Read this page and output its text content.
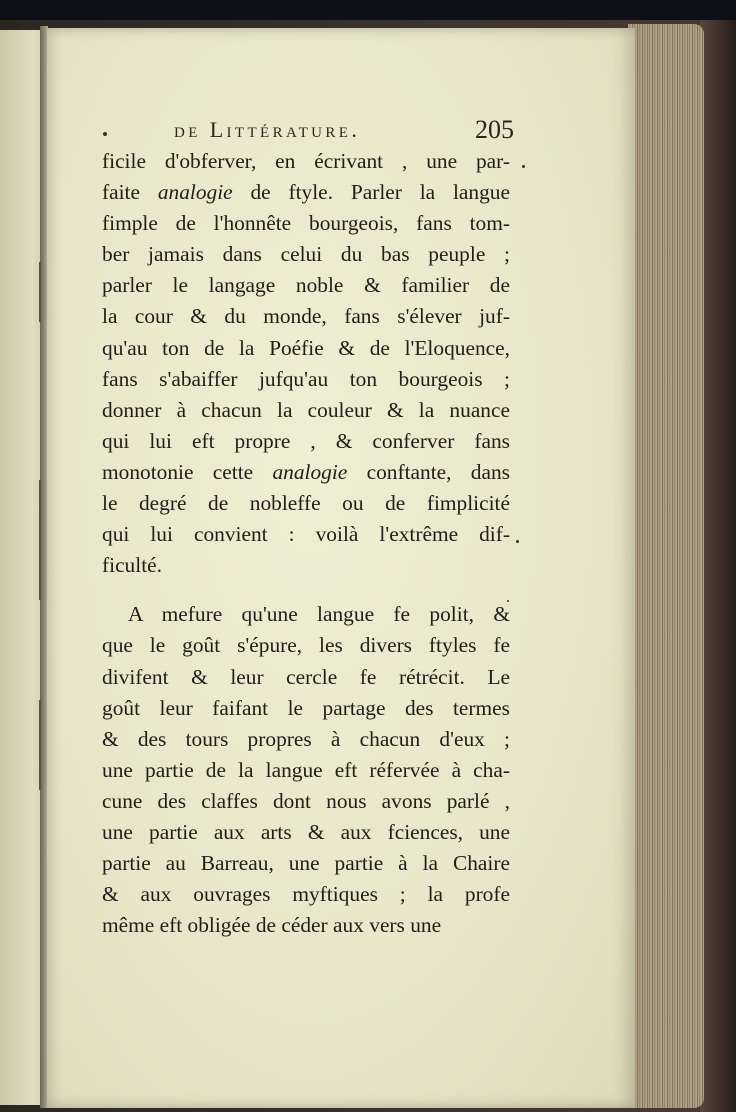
de Littérature.	205
ficile d'obferver, en écrivant , une par-
faite analogie de ftyle. Parler la langue
fimple de l'honnête bourgeois, fans tom-
ber jamais dans celui du bas peuple ;
parler le langage noble & familier de
la cour & du monde, fans s'élever juf-
qu'au ton de la Poéfie & de l'Eloquence,
fans s'abaiffer jufqu'au ton bourgeois ;
donner à chacun la couleur & la nuance
qui lui eft propre , & conferver fans
monotonie cette analogie conftante, dans
le degré de nobleffe ou de fimplicité
qui lui convient : voilà l'extrême dif-
ficulté.
A mefure qu'une langue fe polit, &
que le goût s'épure, les divers ftyles fe
divifent & leur cercle fe rétrécit. Le
goût leur faifant le partage des termes
& des tours propres à chacun d'eux ;
une partie de la langue eft réfervée à cha-
cune des claffes dont nous avons parlé ,
une partie aux arts & aux fciences, une
partie au Barreau, une partie à la Chaire
& aux ouvrages myftiques ; la profe
même eft obligée de céder aux vers une
